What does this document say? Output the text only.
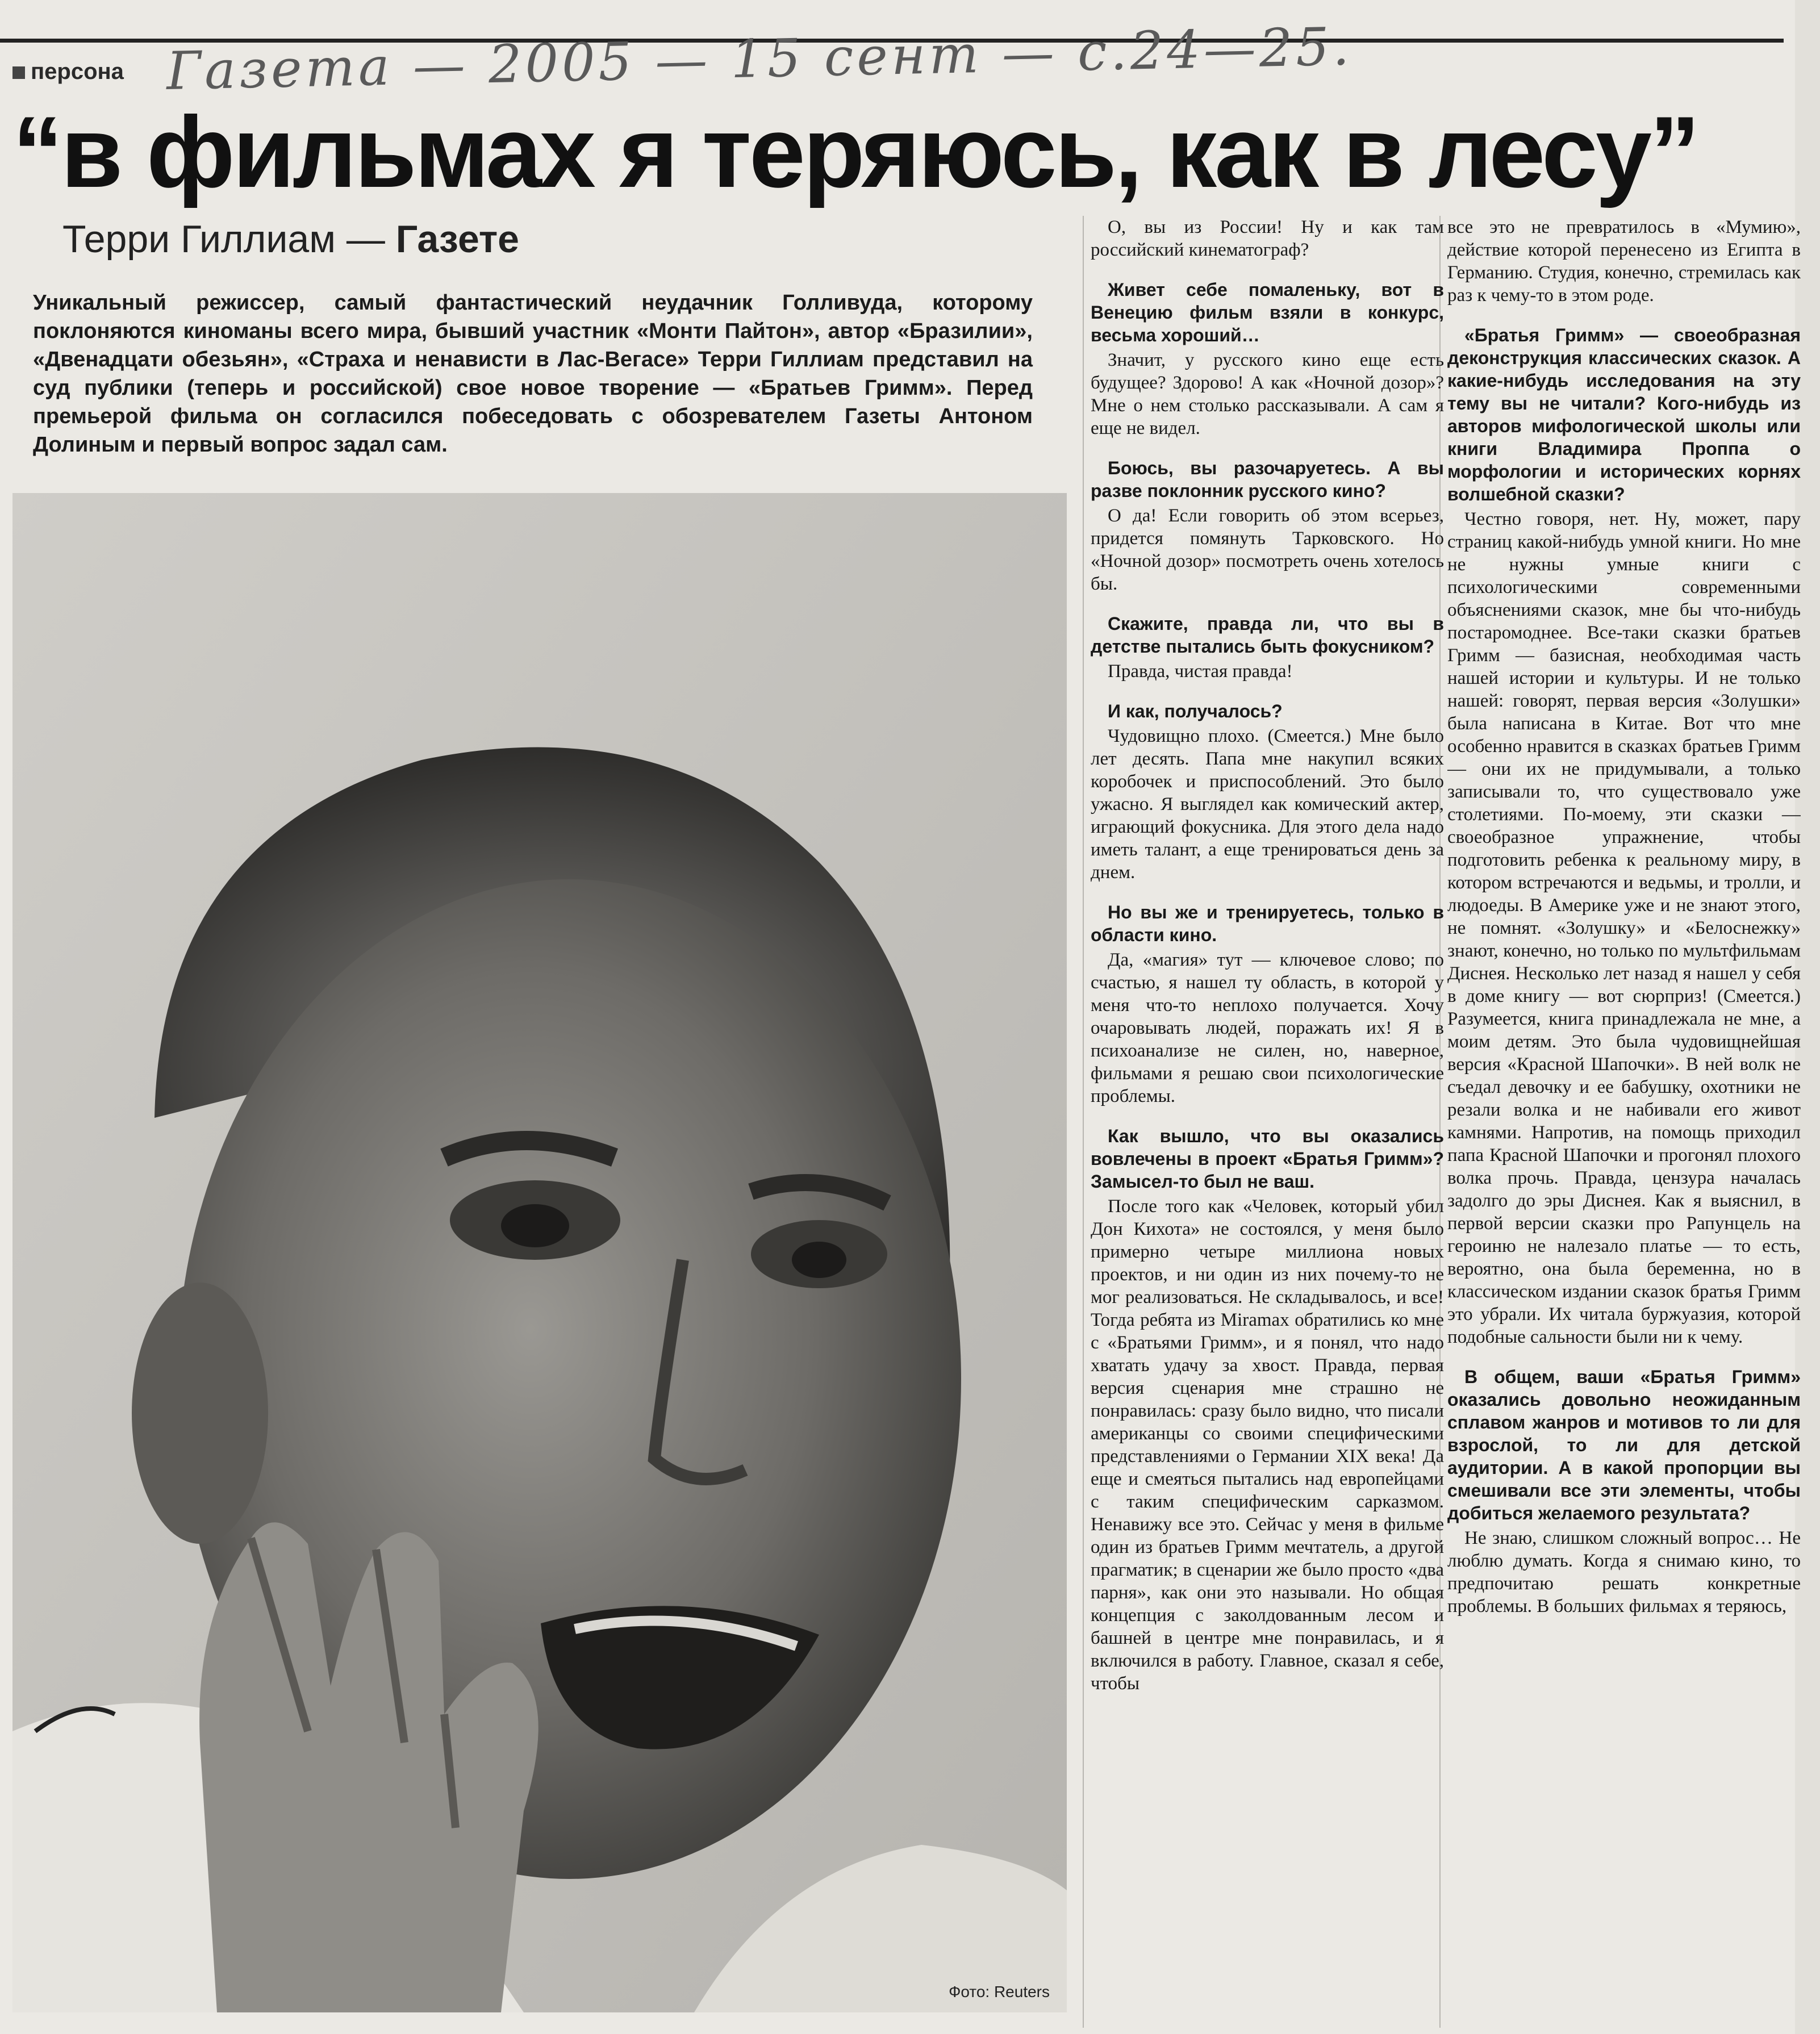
персона Газета — 2005 — 15 сент — с.24—25.
“в фильмах я теряюсь, как в лесу”
Терри Гиллиам — Газете
Уникальный режиссер, самый фантастический неудачник Голливуда, которому поклоняются киноманы всего мира, бывший участник «Монти Пайтон», автор «Бразилии», «Двенадцати обезьян», «Страха и ненависти в Лас-Вегасе» Терри Гиллиам представил на суд публики (теперь и российской) свое новое творение — «Братьев Гримм». Перед премьерой фильма он согласился побеседовать с обозревателем Газеты Антоном Долиным и первый вопрос задал сам.
Фото: Reuters

О, вы из России! Ну и как там российский кинематограф?

Живет себе помаленьку, вот в Венецию фильм взяли в конкурс, весьма хороший…

Значит, у русского кино еще есть будущее? Здорово! А как «Ночной дозор»? Мне о нем столько рассказывали. А сам я еще не видел.

Боюсь, вы разочаруетесь. А вы разве поклонник русского кино?

О да! Если говорить об этом всерьез, придется помянуть Тарковского. Но «Ночной дозор» посмотреть очень хотелось бы.

Скажите, правда ли, что вы в детстве пытались быть фокусником?

Правда, чистая правда!

И как, получалось?

Чудовищно плохо. (Смеется.) Мне было лет десять. Папа мне накупил всяких коробочек и приспособлений. Это было ужасно. Я выглядел как комический актер, играющий фокусника. Для этого дела надо иметь талант, а еще тренироваться день за днем.

Но вы же и тренируетесь, только в области кино.

Да, «магия» тут — ключевое слово; по счастью, я нашел ту область, в которой у меня что-то неплохо получается. Хочу очаровывать людей, поражать их! Я в психоанализе не силен, но, наверное, фильмами я решаю свои психологические проблемы.

Как вышло, что вы оказались вовлечены в проект «Братья Гримм»? Замысел-то был не ваш.

После того как «Человек, который убил Дон Кихота» не состоялся, у меня было примерно четыре миллиона новых проектов, и ни один из них почему-то не мог реализоваться. Не складывалось, и все! Тогда ребята из Miramax обратились ко мне с «Братьями Гримм», и я понял, что надо хватать удачу за хвост. Правда, первая версия сценария мне страшно не понравилась: сразу было видно, что писали американцы со своими специфическими представлениями о Германии XIX века! Да еще и смеяться пытались над европейцами с таким специфическим сарказмом. Ненавижу все это. Сейчас у меня в фильме один из братьев Гримм мечтатель, а другой прагматик; в сценарии же было просто «два парня», как они это называли. Но общая концепция с заколдованным лесом и башней в центре мне понравилась, и я включился в работу. Главное, сказал я себе, чтобы

все это не превратилось в «Мумию», действие которой перенесено из Египта в Германию. Студия, конечно, стремилась как раз к чему-то в этом роде.

«Братья Гримм» — своеобразная деконструкция классических сказок. А какие-нибудь исследования на эту тему вы не читали? Кого-нибудь из авторов мифологической школы или книги Владимира Проппа о морфологии и исторических корнях волшебной сказки?

Честно говоря, нет. Ну, может, пару страниц какой-нибудь умной книги. Но мне не нужны умные книги с психологическими современными объяснениями сказок, мне бы что-нибудь постаромоднее. Все-таки сказки братьев Гримм — базисная, необходимая часть нашей истории и культуры. И не только нашей: говорят, первая версия «Золушки» была написана в Китае. Вот что мне особенно нравится в сказках братьев Гримм — они их не придумывали, а только записывали то, что существовало уже столетиями. По-моему, эти сказки — своеобразное упражнение, чтобы подготовить ребенка к реальному миру, в котором встречаются и ведьмы, и тролли, и людоеды. В Америке уже и не знают этого, не помнят. «Золушку» и «Белоснежку» знают, конечно, но только по мультфильмам Диснея. Несколько лет назад я нашел у себя в доме книгу — вот сюрприз! (Смеется.) Разумеется, книга принадлежала не мне, а моим детям. Это была чудовищнейшая версия «Красной Шапочки». В ней волк не съедал девочку и ее бабушку, охотники не резали волка и не набивали его живот камнями. Напротив, на помощь приходил папа Красной Шапочки и прогонял плохого волка прочь. Правда, цензура началась задолго до эры Диснея. Как я выяснил, в первой версии сказки про Рапунцель на героиню не налезало платье — то есть, вероятно, она была беременна, но в классическом издании сказок братья Гримм это убрали. Их читала буржуазия, которой подобные сальности были ни к чему.

В общем, ваши «Братья Гримм» оказались довольно неожиданным сплавом жанров и мотивов то ли для взрослой, то ли для детской аудитории. А в какой пропорции вы смешивали все эти элементы, чтобы добиться желаемого результата?

Не знаю, слишком сложный вопрос… Не люблю думать. Когда я снимаю кино, то предпочитаю решать конкретные проблемы. В больших фильмах я теряюсь,
